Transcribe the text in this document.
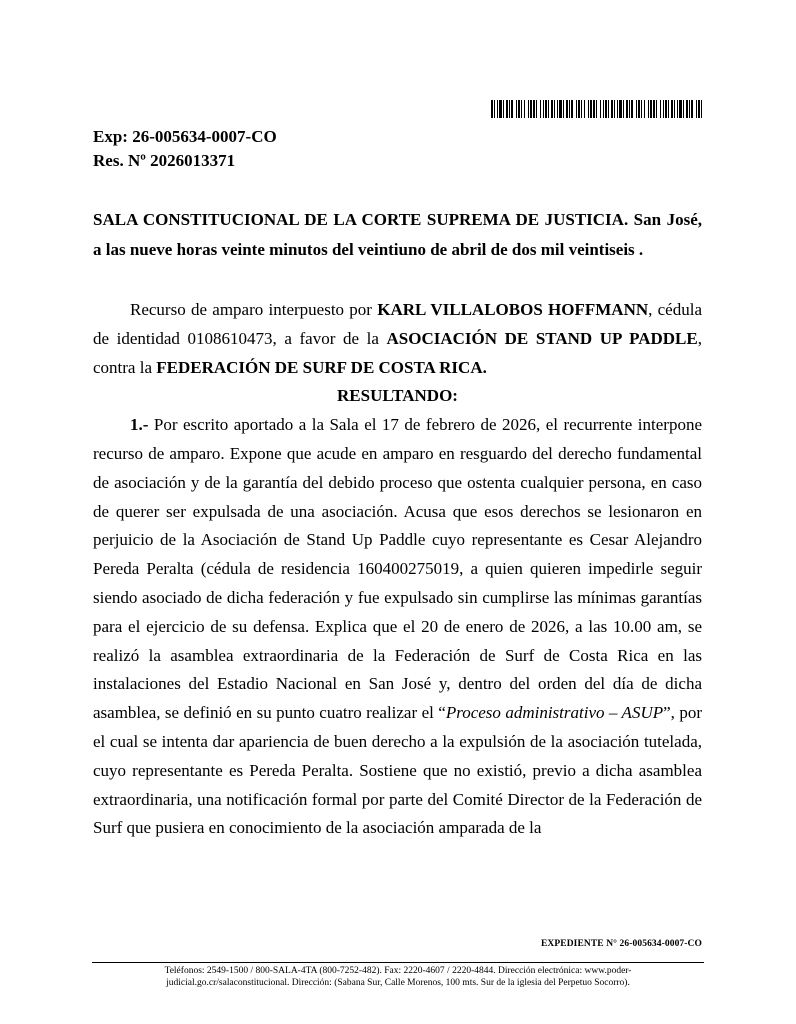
Exp: 26-005634-0007-CO
Res. Nº 2026013371

SALA CONSTITUCIONAL DE LA CORTE SUPREMA DE JUSTICIA. San José, a las nueve horas veinte minutos del veintiuno de abril de dos mil veintiseis .

Recurso de amparo interpuesto por KARL VILLALOBOS HOFFMANN, cédula de identidad 0108610473, a favor de la ASOCIACIÓN DE STAND UP PADDLE, contra la FEDERACIÓN DE SURF DE COSTA RICA.

RESULTANDO:

1.- Por escrito aportado a la Sala el 17 de febrero de 2026, el recurrente interpone recurso de amparo. Expone que acude en amparo en resguardo del derecho fundamental de asociación y de la garantía del debido proceso que ostenta cualquier persona, en caso de querer ser expulsada de una asociación. Acusa que esos derechos se lesionaron en perjuicio de la Asociación de Stand Up Paddle cuyo representante es Cesar Alejandro Pereda Peralta (cédula de residencia 160400275019, a quien quieren impedirle seguir siendo asociado de dicha federación y fue expulsado sin cumplirse las mínimas garantías para el ejercicio de su defensa. Explica que el 20 de enero de 2026, a las 10.00 am, se realizó la asamblea extraordinaria de la Federación de Surf de Costa Rica en las instalaciones del Estadio Nacional en San José y, dentro del orden del día de dicha asamblea, se definió en su punto cuatro realizar el “Proceso administrativo – ASUP”, por el cual se intenta dar apariencia de buen derecho a la expulsión de la asociación tutelada, cuyo representante es Pereda Peralta. Sostiene que no existió, previo a dicha asamblea extraordinaria, una notificación formal por parte del Comité Director de la Federación de Surf que pusiera en conocimiento de la asociación amparada de la

EXPEDIENTE N° 26-005634-0007-CO
Teléfonos: 2549-1500 / 800-SALA-4TA (800-7252-482). Fax: 2220-4607 / 2220-4844. Dirección electrónica: www.poder-
judicial.go.cr/salaconstitucional. Dirección: (Sabana Sur, Calle Morenos, 100 mts. Sur de la iglesia del Perpetuo Socorro).
